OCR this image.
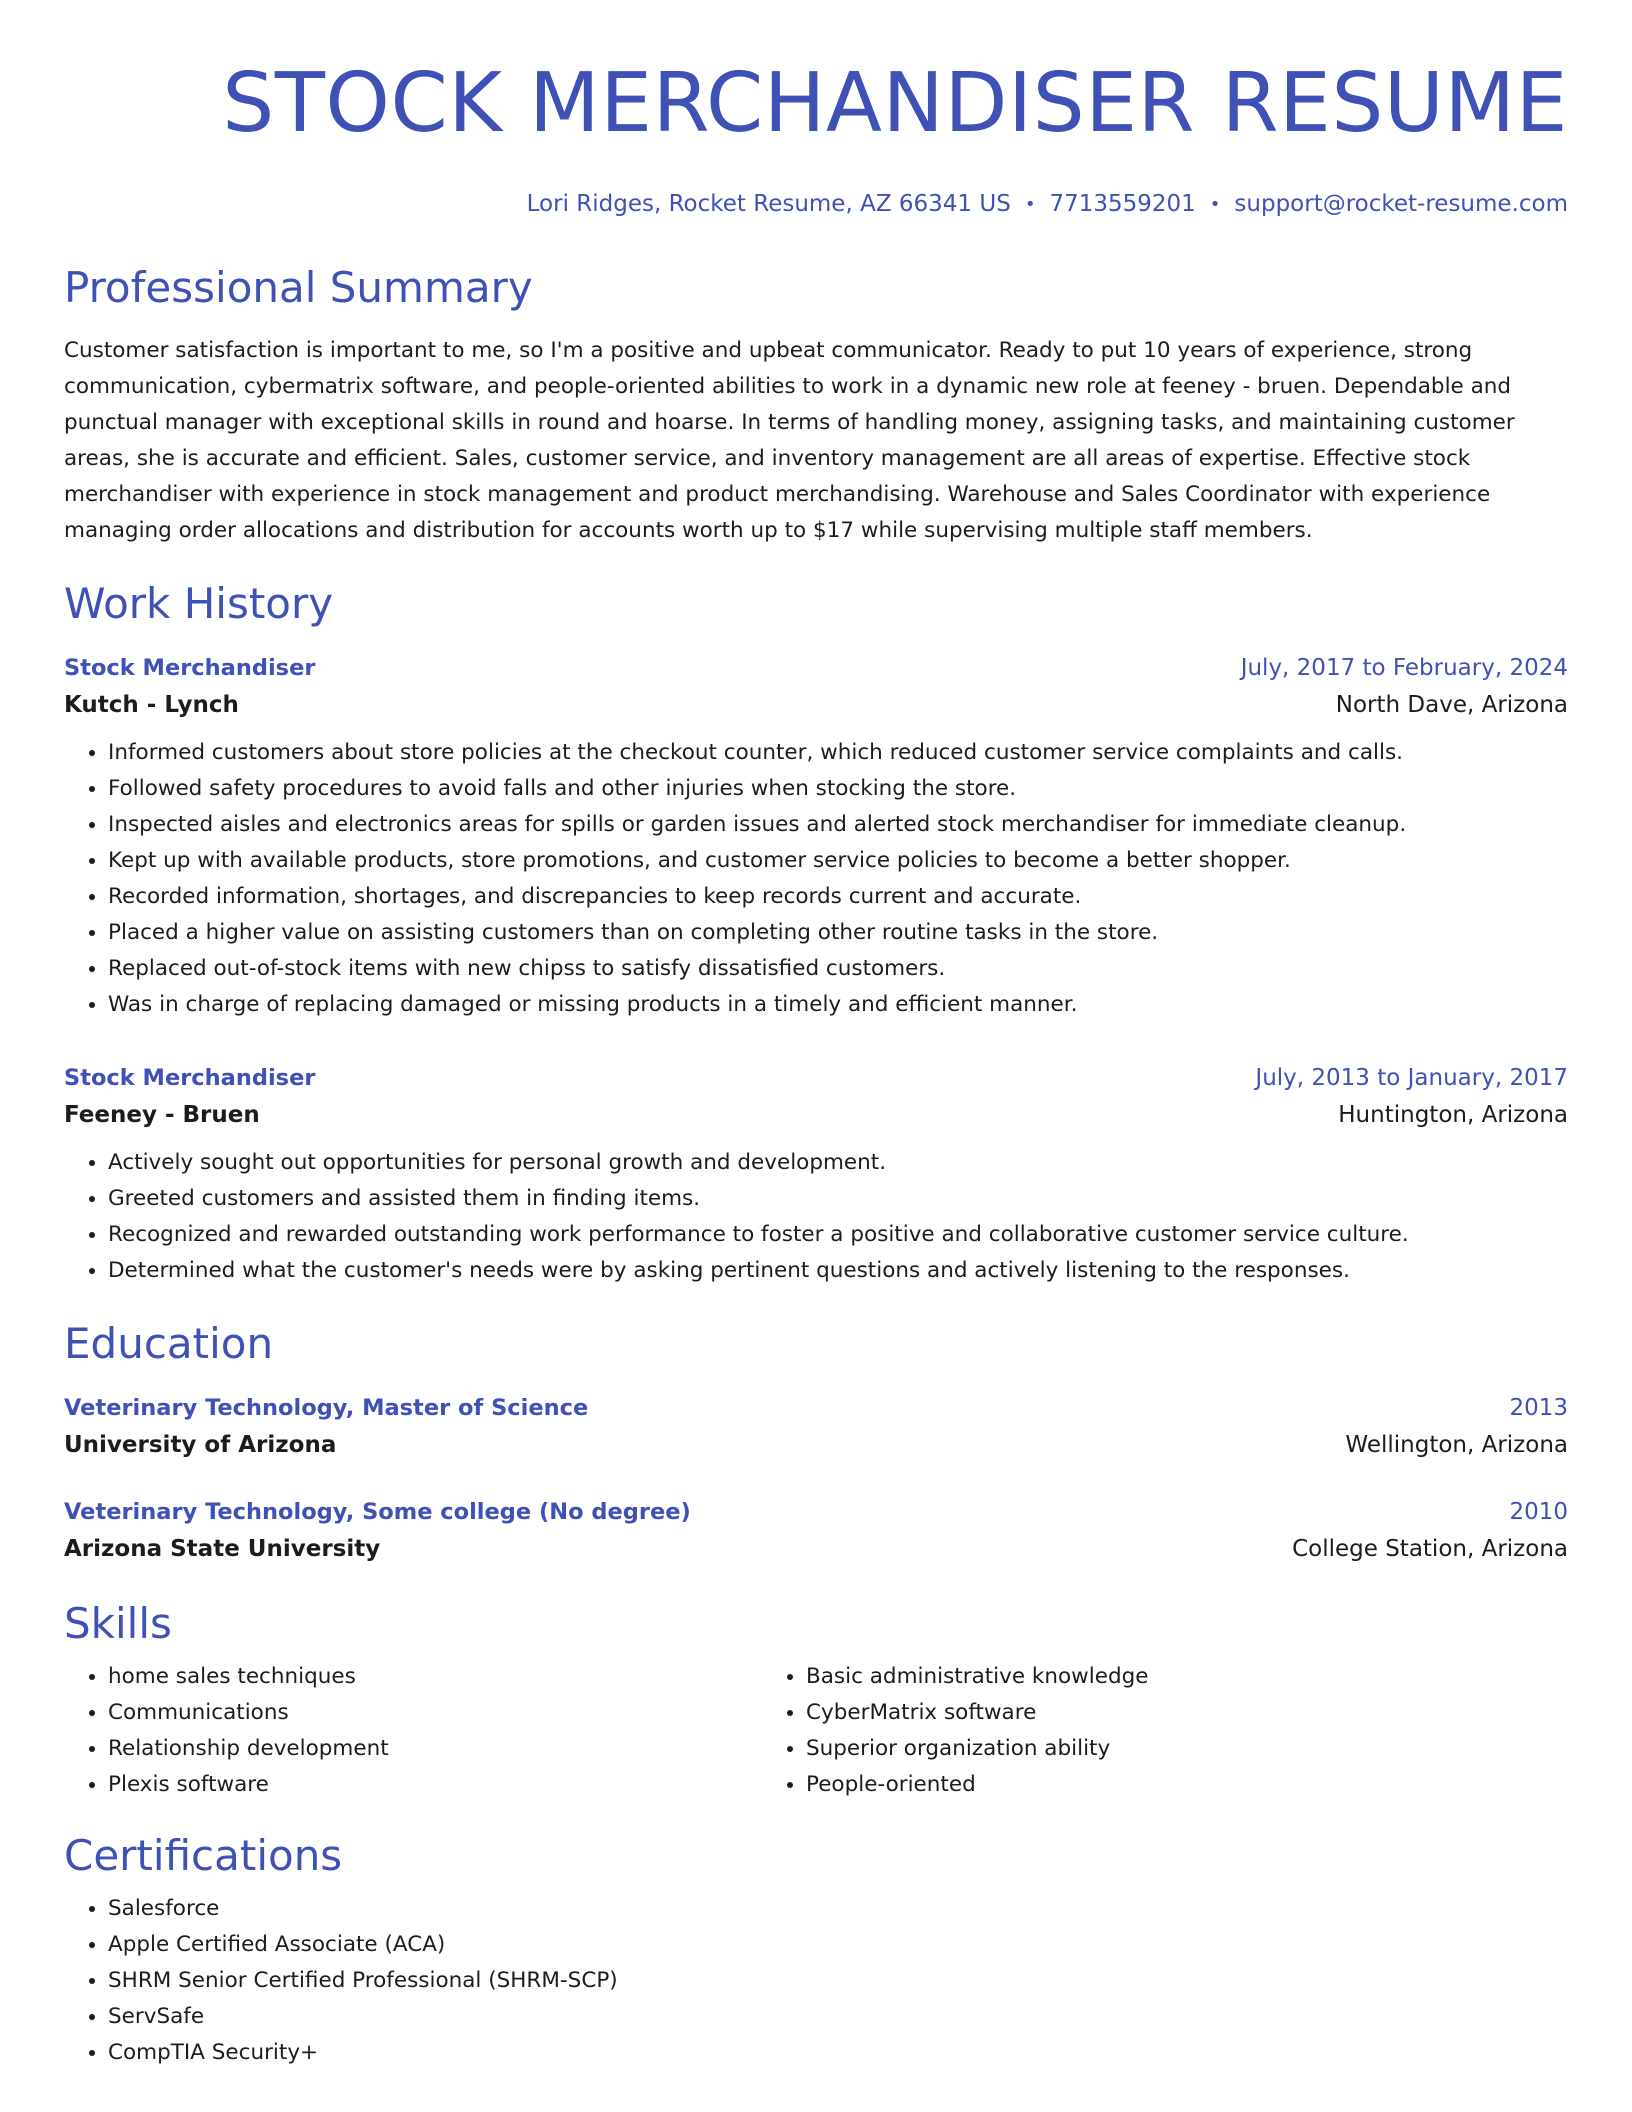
STOCK MERCHANDISER RESUME
Lori Ridges, Rocket Resume, AZ 66341 US • 7713559201 • support@rocket-resume.com
Professional Summary

Customer satisfaction is important to me, so I'm a positive and upbeat communicator. Ready to put 10 years of experience, strong communication, cybermatrix software, and people-oriented abilities to work in a dynamic new role at feeney - bruen. Dependable and punctual manager with exceptional skills in round and hoarse. In terms of handling money, assigning tasks, and maintaining customer areas, she is accurate and efficient. Sales, customer service, and inventory management are all areas of expertise. Effective stock merchandiser with experience in stock management and product merchandising. Warehouse and Sales Coordinator with experience managing order allocations and distribution for accounts worth up to $17 while supervising multiple staff members.

Work History
Stock Merchandiser	July, 2017 to February, 2024
Kutch - Lynch	North Dave, Arizona
• Informed customers about store policies at the checkout counter, which reduced customer service complaints and calls.
• Followed safety procedures to avoid falls and other injuries when stocking the store.
• Inspected aisles and electronics areas for spills or garden issues and alerted stock merchandiser for immediate cleanup.
• Kept up with available products, store promotions, and customer service policies to become a better shopper.
• Recorded information, shortages, and discrepancies to keep records current and accurate.
• Placed a higher value on assisting customers than on completing other routine tasks in the store.
• Replaced out-of-stock items with new chipss to satisfy dissatisfied customers.
• Was in charge of replacing damaged or missing products in a timely and efficient manner.
Stock Merchandiser	July, 2013 to January, 2017
Feeney - Bruen	Huntington, Arizona
• Actively sought out opportunities for personal growth and development.
• Greeted customers and assisted them in finding items.
• Recognized and rewarded outstanding work performance to foster a positive and collaborative customer service culture.
• Determined what the customer's needs were by asking pertinent questions and actively listening to the responses.
Education
Veterinary Technology, Master of Science	2013
University of Arizona	Wellington, Arizona
Veterinary Technology, Some college (No degree)	2010
Arizona State University	College Station, Arizona
Skills
• home sales techniques
• Communications
• Relationship development
• Plexis software
• Basic administrative knowledge
• CyberMatrix software
• Superior organization ability
• People-oriented
Certifications
• Salesforce
• Apple Certified Associate (ACA)
• SHRM Senior Certified Professional (SHRM-SCP)
• ServSafe
• CompTIA Security+
